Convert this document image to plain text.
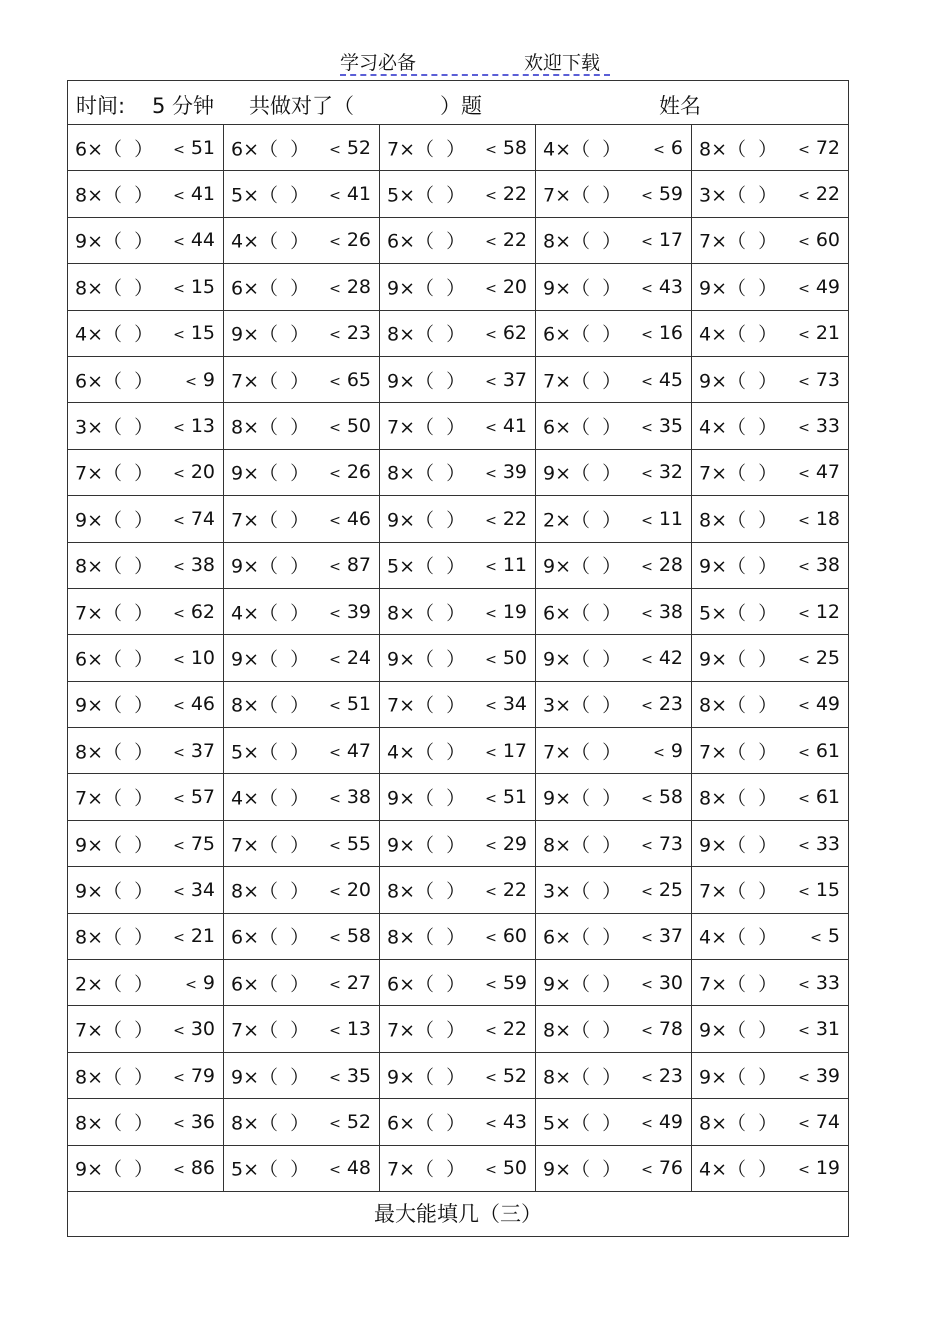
学习必备	欢迎下载
时间: 5 分钟 共做对了（	）题	姓名
6×（  ） < 51 6×（  ） < 52 7×（  ） < 58 4×（  ） < 6 8×（  ） < 72
8×（  ） < 41 5×（  ） < 41 5×（  ） < 22 7×（  ） < 59 3×（  ） < 22
9×（  ） < 44 4×（  ） < 26 6×（  ） < 22 8×（  ） < 17 7×（  ） < 60
8×（  ） < 15 6×（  ） < 28 9×（  ） < 20 9×（  ） < 43 9×（  ） < 49
4×（  ） < 15 9×（  ） < 23 8×（  ） < 62 6×（  ） < 16 4×（  ） < 21
6×（  ） < 9 7×（  ） < 65 9×（  ） < 37 7×（  ） < 45 9×（  ） < 73
3×（  ） < 13 8×（  ） < 50 7×（  ） < 41 6×（  ） < 35 4×（  ） < 33
7×（  ） < 20 9×（  ） < 26 8×（  ） < 39 9×（  ） < 32 7×（  ） < 47
9×（  ） < 74 7×（  ） < 46 9×（  ） < 22 2×（  ） < 11 8×（  ） < 18
8×（  ） < 38 9×（  ） < 87 5×（  ） < 11 9×（  ） < 28 9×（  ） < 38
7×（  ） < 62 4×（  ） < 39 8×（  ） < 19 6×（  ） < 38 5×（  ） < 12
6×（  ） < 10 9×（  ） < 24 9×（  ） < 50 9×（  ） < 42 9×（  ） < 25
9×（  ） < 46 8×（  ） < 51 7×（  ） < 34 3×（  ） < 23 8×（  ） < 49
8×（  ） < 37 5×（  ） < 47 4×（  ） < 17 7×（  ） < 9 7×（  ） < 61
7×（  ） < 57 4×（  ） < 38 9×（  ） < 51 9×（  ） < 58 8×（  ） < 61
9×（  ） < 75 7×（  ） < 55 9×（  ） < 29 8×（  ） < 73 9×（  ） < 33
9×（  ） < 34 8×（  ） < 20 8×（  ） < 22 3×（  ） < 25 7×（  ） < 15
8×（  ） < 21 6×（  ） < 58 8×（  ） < 60 6×（  ） < 37 4×（  ） < 5
2×（  ） < 9 6×（  ） < 27 6×（  ） < 59 9×（  ） < 30 7×（  ） < 33
7×（  ） < 30 7×（  ） < 13 7×（  ） < 22 8×（  ） < 78 9×（  ） < 31
8×（  ） < 79 9×（  ） < 35 9×（  ） < 52 8×（  ） < 23 9×（  ） < 39
8×（  ） < 36 8×（  ） < 52 6×（  ） < 43 5×（  ） < 49 8×（  ） < 74
9×（  ） < 86 5×（  ） < 48 7×（  ） < 50 9×（  ） < 76 4×（  ） < 19
最大能填几（三）
